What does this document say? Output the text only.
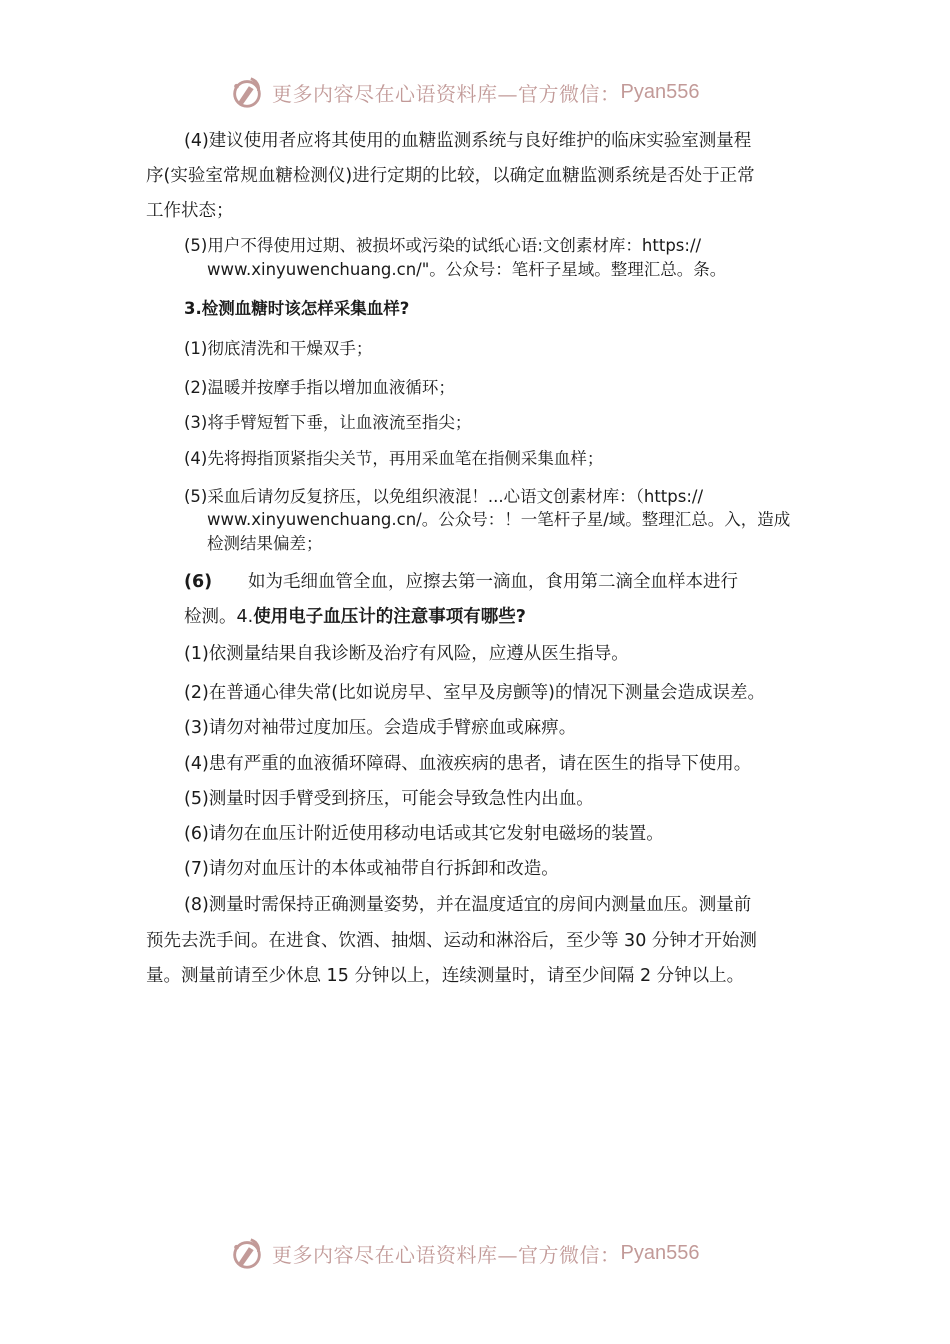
更多内容尽在心语资料库—官方微信： Pyan556
(4)建议使用者应将其使用的血糖监测系统与良好维护的临床实验室测量程
序(实验室常规血糖检测仪)进行定期的比较，以确定血糖监测系统是否处于正常
工作状态；
(5)用户不得使用过期、被损坏或污染的试纸心语:文创素材库：https://
www.xinyuwenchuang.cn/"。公众号：笔杆子星域。整理汇总。条。
3.检测血糖时该怎样采集血样?
(1)彻底清洗和干燥双手；
(2)温暖并按摩手指以增加血液循环；
(3)将手臂短暂下垂，让血液流至指尖；
(4)先将拇指顶紧指尖关节，再用采血笔在指侧采集血样；
(5)采血后请勿反复挤压，以免组织液混！...心语文创素材库：（https://
www.xinyuwenchuang.cn/。公众号：！一笔杆子星/域。整理汇总。入，造成
检测结果偏差；
(6) 如为毛细血管全血，应擦去第一滴血，食用第二滴全血样本进行
检测。4.使用电子血压计的注意事项有哪些?
(1)依测量结果自我诊断及治疗有风险，应遵从医生指导。
(2)在普通心律失常(比如说房早、室早及房颤等)的情况下测量会造成误差。
(3)请勿对袖带过度加压。会造成手臂瘀血或麻痹。
(4)患有严重的血液循环障碍、血液疾病的患者，请在医生的指导下使用。
(5)测量时因手臂受到挤压，可能会导致急性内出血。
(6)请勿在血压计附近使用移动电话或其它发射电磁场的装置。
(7)请勿对血压计的本体或袖带自行拆卸和改造。
(8)测量时需保持正确测量姿势，并在温度适宜的房间内测量血压。测量前
预先去洗手间。在进食、饮酒、抽烟、运动和淋浴后，至少等 30 分钟才开始测
量。测量前请至少休息 15 分钟以上，连续测量时，请至少间隔 2 分钟以上。
更多内容尽在心语资料库—官方微信： Pyan556
